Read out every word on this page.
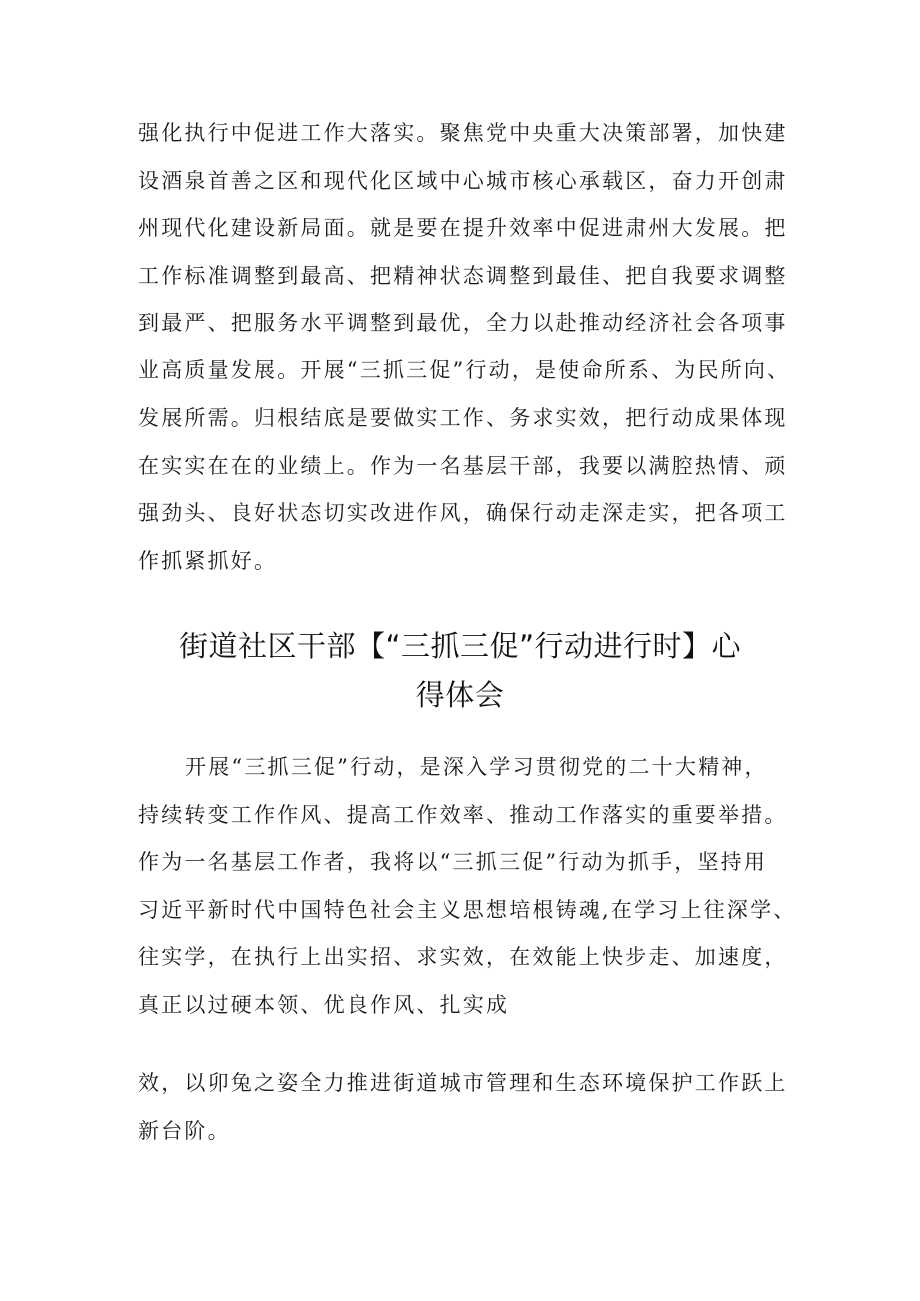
强化执行中促进工作大落实。聚焦党中央重大决策部署，加快建
设酒泉首善之区和现代化区域中心城市核心承载区，奋力开创肃
州现代化建设新局面。就是要在提升效率中促进肃州大发展。把
工作标准调整到最高、把精神状态调整到最佳、把自我要求调整
到最严、把服务水平调整到最优，全力以赴推动经济社会各项事
业高质量发展。开展“三抓三促”行动，是使命所系、为民所向、
发展所需。归根结底是要做实工作、务求实效，把行动成果体现
在实实在在的业绩上。作为一名基层干部，我要以满腔热情、顽
强劲头、良好状态切实改进作风，确保行动走深走实，把各项工
作抓紧抓好。
街道社区干部【“三抓三促”行动进行时】心
得体会
开展“三抓三促”行动，是深入学习贯彻党的二十大精神，
持续转变工作作风、提高工作效率、推动工作落实的重要举措。
作为一名基层工作者，我将以“三抓三促”行动为抓手，坚持用
习近平新时代中国特色社会主义思想培根铸魂,在学习上往深学、
往实学，在执行上出实招、求实效，在效能上快步走、加速度，
真正以过硬本领、优良作风、扎实成
效，以卯兔之姿全力推进街道城市管理和生态环境保护工作跃上
新台阶。
